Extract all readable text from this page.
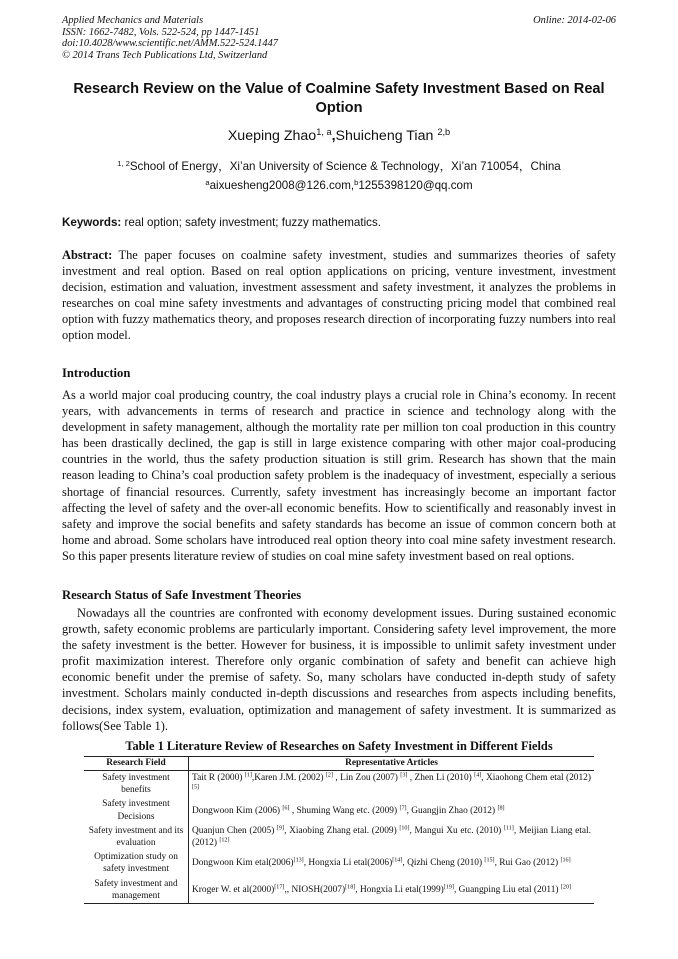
Applied Mechanics and Materials
ISSN: 1662-7482, Vols. 522-524, pp 1447-1451
doi:10.4028/www.scientific.net/AMM.522-524.1447
© 2014 Trans Tech Publications Ltd, Switzerland
Online: 2014-02-06
Research Review on the Value of Coalmine Safety Investment Based on Real Option
Xueping Zhao$^{1, a}$,Shuicheng Tian $^{2,b}$
$^{1, 2}$School of Energy，Xi’an University of Science & Technology，Xi’an 710054，China
$^a$aixuesheng2008@126.com,$^b$1255398120@qq.com
Keywords: real option; safety investment; fuzzy mathematics.
Abstract: The paper focuses on coalmine safety investment, studies and summarizes theories of safety investment and real option. Based on real option applications on pricing, venture investment, investment decision, estimation and valuation, investment assessment and safety investment, it analyzes the problems in researches on coal mine safety investments and advantages of constructing pricing model that combined real option with fuzzy mathematics theory, and proposes research direction of incorporating fuzzy numbers into real option model.
Introduction
As a world major coal producing country, the coal industry plays a crucial role in China’s economy. In recent years, with advancements in terms of research and practice in science and technology along with the development in safety management, although the mortality rate per million ton coal production in this country has been drastically declined, the gap is still in large existence comparing with other major coal-producing countries in the world, thus the safety production situation is still grim. Research has shown that the main reason leading to China’s coal production safety problem is the inadequacy of investment, especially a serious shortage of financial resources. Currently, safety investment has increasingly become an important factor affecting the level of safety and the over-all economic benefits. How to scientifically and reasonably invest in safety and improve the social benefits and safety standards has become an issue of common concern both at home and abroad. Some scholars have introduced real option theory into coal mine safety investment research. So this paper presents literature review of studies on coal mine safety investment based on real options.
Research Status of Safe Investment Theories
Nowadays all the countries are confronted with economy development issues. During sustained economic growth, safety economic problems are particularly important. Considering safety level improvement, the more the safety investment is the better. However for business, it is impossible to unlimit safety investment under profit maximization interest. Therefore only organic combination of safety and benefit can achieve high economic benefit under the premise of safety. So, many scholars have conducted in-depth study of safety investment. Scholars mainly conducted in-depth discussions and researches from aspects including benefits, decisions, index system, evaluation, optimization and management of safety investment. It is summarized as follows(See Table 1).
Table 1 Literature Review of Researches on Safety Investment in Different Fields
Research Field	Representative Articles
Safety investment benefits	Tait R (2000) [1],Karen J.M. (2002) [2] , Lin Zou (2007) [3] , Zhen Li (2010) [4], Xiaohong Chem etal (2012) [5]
Safety investment Decisions	Dongwoon Kim (2006) [6] , Shuming Wang etc. (2009) [7], Guangjin Zhao (2012) [8]
Safety investment and its evaluation	Quanjun Chen (2005) [9], Xiaobing Zhang etal. (2009) [10], Mangui Xu etc. (2010) [11], Meijian Liang etal. (2012) [12]
Optimization study on safety investment	Dongwoon Kim etal(2006)[13], Hongxia Li etal(2006)[14], Qizhi Cheng (2010) [15], Rui Gao (2012) [16]
Safety investment and management	Kroger W. et al(2000)[17],, NIOSH(2007)[18], Hongxia Li etal(1999)[19], Guangping Liu etal (2011) [20]
